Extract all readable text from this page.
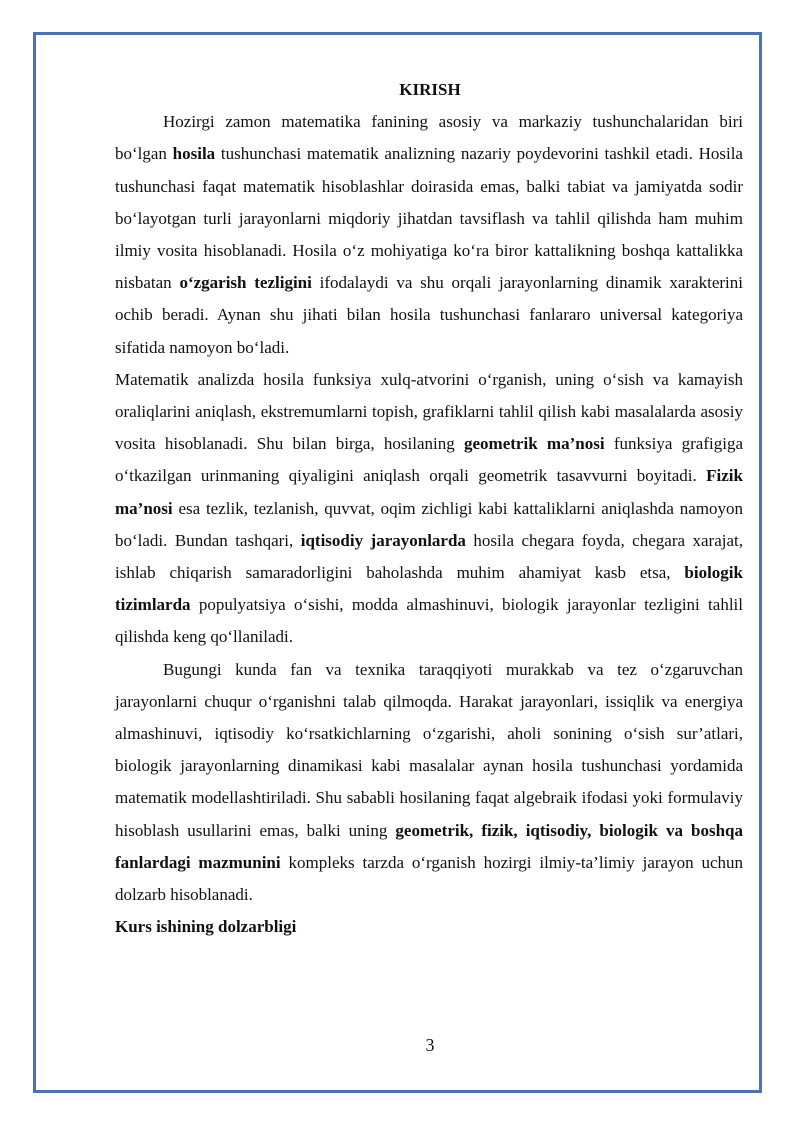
KIRISH

Hozirgi zamon matematika fanining asosiy va markaziy tushunchalaridan biri bo‘lgan hosila tushunchasi matematik analizning nazariy poydevorini tashkil etadi. Hosila tushunchasi faqat matematik hisoblashlar doirasida emas, balki tabiat va jamiyatda sodir bo‘layotgan turli jarayonlarni miqdoriy jihatdan tavsiflash va tahlil qilishda ham muhim ilmiy vosita hisoblanadi. Hosila o‘z mohiyatiga ko‘ra biror kattalikning boshqa kattalikka nisbatan o‘zgarish tezligini ifodalaydi va shu orqali jarayonlarning dinamik xarakterini ochib beradi. Aynan shu jihati bilan hosila tushunchasi fanlararo universal kategoriya sifatida namoyon bo‘ladi.

Matematik analizda hosila funksiya xulq-atvorini o‘rganish, uning o‘sish va kamayish oraliqlarini aniqlash, ekstremumlarni topish, grafiklarni tahlil qilish kabi masalalarda asosiy vosita hisoblanadi. Shu bilan birga, hosilaning geometrik ma’nosi funksiya grafigiga o‘tkazilgan urinmaning qiyaligini aniqlash orqali geometrik tasavvurni boyitadi. Fizik ma’nosi esa tezlik, tezlanish, quvvat, oqim zichligi kabi kattaliklarni aniqlashda namoyon bo‘ladi. Bundan tashqari, iqtisodiy jarayonlarda hosila chegara foyda, chegara xarajat, ishlab chiqarish samaradorligini baholashda muhim ahamiyat kasb etsa, biologik tizimlarda populyatsiya o‘sishi, modda almashinuvi, biologik jarayonlar tezligini tahlil qilishda keng qo‘llaniladi.

Bugungi kunda fan va texnika taraqqiyoti murakkab va tez o‘zgaruvchan jarayonlarni chuqur o‘rganishni talab qilmoqda. Harakat jarayonlari, issiqlik va energiya almashinuvi, iqtisodiy ko‘rsatkichlarning o‘zgarishi, aholi sonining o‘sish sur’atlari, biologik jarayonlarning dinamikasi kabi masalalar aynan hosila tushunchasi yordamida matematik modellashtiriladi. Shu sababli hosilaning faqat algebraik ifodasi yoki formulaviy hisoblash usullarini emas, balki uning geometrik, fizik, iqtisodiy, biologik va boshqa fanlardagi mazmunini kompleks tarzda o‘rganish hozirgi ilmiy-ta’limiy jarayon uchun dolzarb hisoblanadi.

Kurs ishining dolzarbligi

3
